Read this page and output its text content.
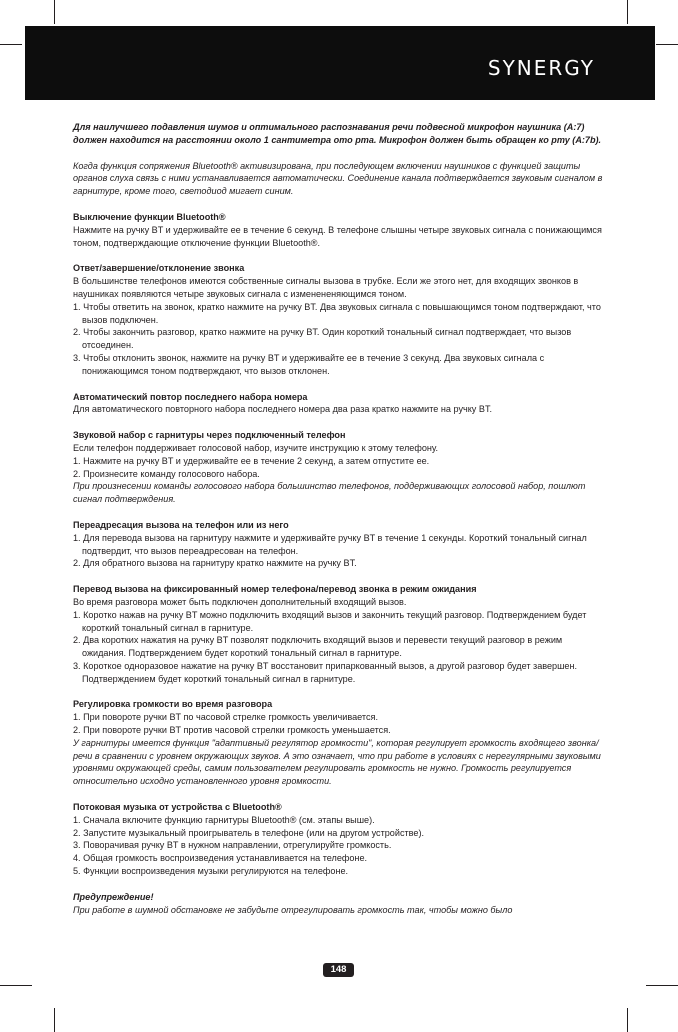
SYNERGY

Для наилучшего подавления шумов и оптимального распознавания речи подвесной микрофон наушника (A:7) должен находится на расстоянии около 1 сантиметра ото рта. Микрофон должен быть обращен ко рту (A:7b).

Когда функция сопряжения Bluetooth® активизирована, при последующем включении наушников с функцией защиты органов слуха связь с ними устанавливается автоматически. Соединение канала подтверждается звуковым сигналом в гарнитуре, кроме того, светодиод мигает синим.

Выключение функции Bluetooth®
Нажмите на ручку BT и удерживайте ее в течение 6 секунд. В телефоне слышны четыре звуковых сигнала с понижающимся тоном, подтверждающие отключение функции Bluetooth®.

Ответ/завершение/отклонение звонка
В большинстве телефонов имеются собственные сигналы вызова в трубке. Если же этого нет, для входящих звонков в наушниках появляются четыре звуковых сигнала с изменененяющимся тоном.
1. Чтобы ответить на звонок, кратко нажмите на ручку BT. Два звуковых сигнала с повышающимся тоном подтверждают, что вызов подключен.
2. Чтобы закончить разговор, кратко нажмите на ручку BT. Один короткий тональный сигнал подтверждает, что вызов отсоединен.
3. Чтобы отклонить звонок, нажмите на ручку BT и удерживайте ее в течение 3 секунд. Два звуковых сигнала с понижающимся тоном подтверждают, что вызов отклонен.

Автоматический повтор последнего набора номера
Для автоматического повторного набора последнего номера два раза кратко нажмите на ручку BT.

Звуковой набор с гарнитуры через подключенный телефон
Если телефон поддерживает голосовой набор, изучите инструкцию к этому телефону.
1. Нажмите на ручку BT и удерживайте ее в течение 2 секунд, а затем отпустите ее.
2. Произнесите команду голосового набора.
При произнесении команды голосового набора большинство телефонов, поддерживающих голосовой набор, пошлют сигнал подтверждения.

Переадресация вызова на телефон или из него
1. Для перевода вызова на гарнитуру нажмите и удерживайте ручку BT в течение 1 секунды. Короткий тональный сигнал подтвердит, что вызов переадресован на телефон.
2. Для обратного вызова на гарнитуру кратко нажмите на ручку BT.

Перевод вызова на фиксированный номер телефона/перевод звонка в режим ожидания
Во время разговора может быть подключен дополнительный входящий вызов.
1. Коротко нажав на ручку BT можно подключить входящий вызов и закончить текущий разговор. Подтверждением будет короткий тональный сигнал в гарнитуре.
2. Два коротких нажатия на ручку BT позволят подключить входящий вызов и перевести текущий разговор в режим ожидания. Подтверждением будет короткий тональный сигнал в гарнитуре.
3. Короткое одноразовое нажатие на ручку BT восстановит припаркованный вызов, а другой разговор будет завершен. Подтверждением будет короткий тональный сигнал в гарнитуре.

Регулировка громкости во время разговора
1. При повороте ручки BT по часовой стрелке громкость увеличивается.
2. При повороте ручки BT против часовой стрелки громкость уменьшается.
У гарнитуры имеется функция "адаптивный регулятор громкости", которая регулирует громкость входящего звонка/речи в сравнении с уровнем окружающих звуков. А это означает, что при работе в условиях с нерегулярными звуковыми уровнями окружающей среды, самим пользователем регулировать громкость не нужно. Громкость регулируется относительно исходно установленного уровня громкости.

Потоковая музыка от устройства с Bluetooth®
1. Сначала включите функцию гарнитуры Bluetooth® (см. этапы выше).
2. Запустите музыкальный проигрыватель в телефоне (или на другом устройстве).
3. Поворачивая ручку BT в нужном направлении, отрегулируйте громкость.
4. Общая громкость воспроизведения устанавливается на телефоне.
5. Функции воспроизведения музыки регулируются на телефоне.

Предупреждение!
При работе в шумной обстановке не забудьте отрегулировать громкость так, чтобы можно было

148
